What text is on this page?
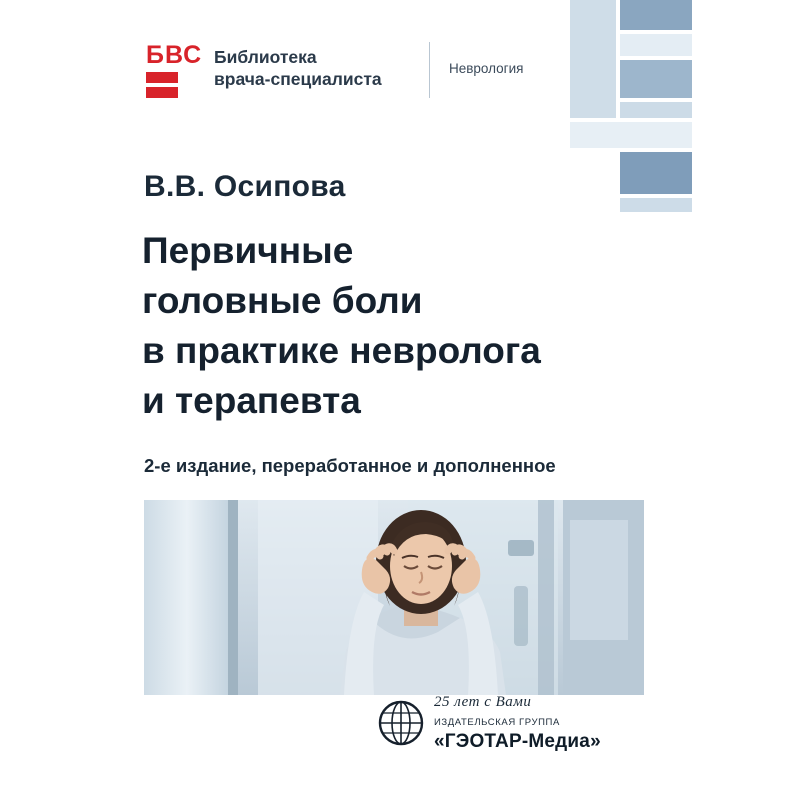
БВС Библиотека
врача-специалиста
Неврология
В.В. Осипова
Первичные
головные боли
в практике невролога
и терапевта
2-е издание, переработанное и дополненное
25 лет с Вами
ИЗДАТЕЛЬСКАЯ ГРУППА
«ГЭОТАР-Медиа»
